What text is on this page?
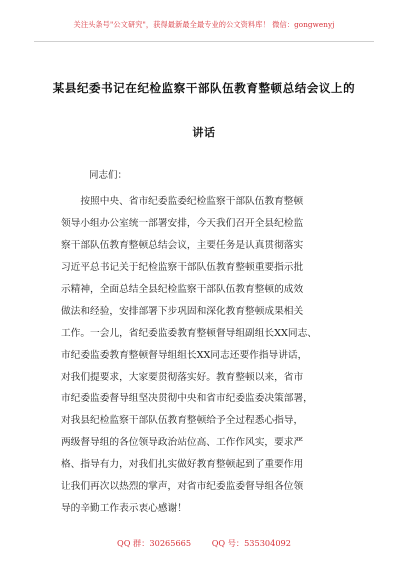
关注头条号"公文研究"，获得最新最全最专业的公文资料库！ 微信：gongwenyj
某县纪委书记在纪检监察干部队伍教育整顿总结会议上的
讲话
同志们：
　　按照中央、省市纪委监委纪检监察干部队伍教育整顿
领导小组办公室统一部署安排，今天我们召开全县纪检监
察干部队伍教育整顿总结会议，主要任务是认真贯彻落实
习近平总书记关于纪检监察干部队伍教育整顿重要指示批
示精神，全面总结全县纪检监察干部队伍教育整顿的成效
做法和经验，安排部署下步巩固和深化教育整顿成果相关
工作。一会儿，省纪委监委教育整顿督导组副组长XX同志、
市纪委监委教育整顿督导组组长XX同志还要作指导讲话，
对我们提要求，大家要贯彻落实好。教育整顿以来，省市
市纪委监委督导组坚决贯彻中央和省市纪委监委决策部署，
对我县纪检监察干部队伍教育整顿给予全过程悉心指导，
两级督导组的各位领导政治站位高、工作作风实，要求严
格、指导有力，对我们扎实做好教育整顿起到了重要作用
让我们再次以热烈的掌声，对省市纪委监委督导组各位领
导的辛勤工作表示衷心感谢！
QQ 群：30265665	QQ 号：535304092
